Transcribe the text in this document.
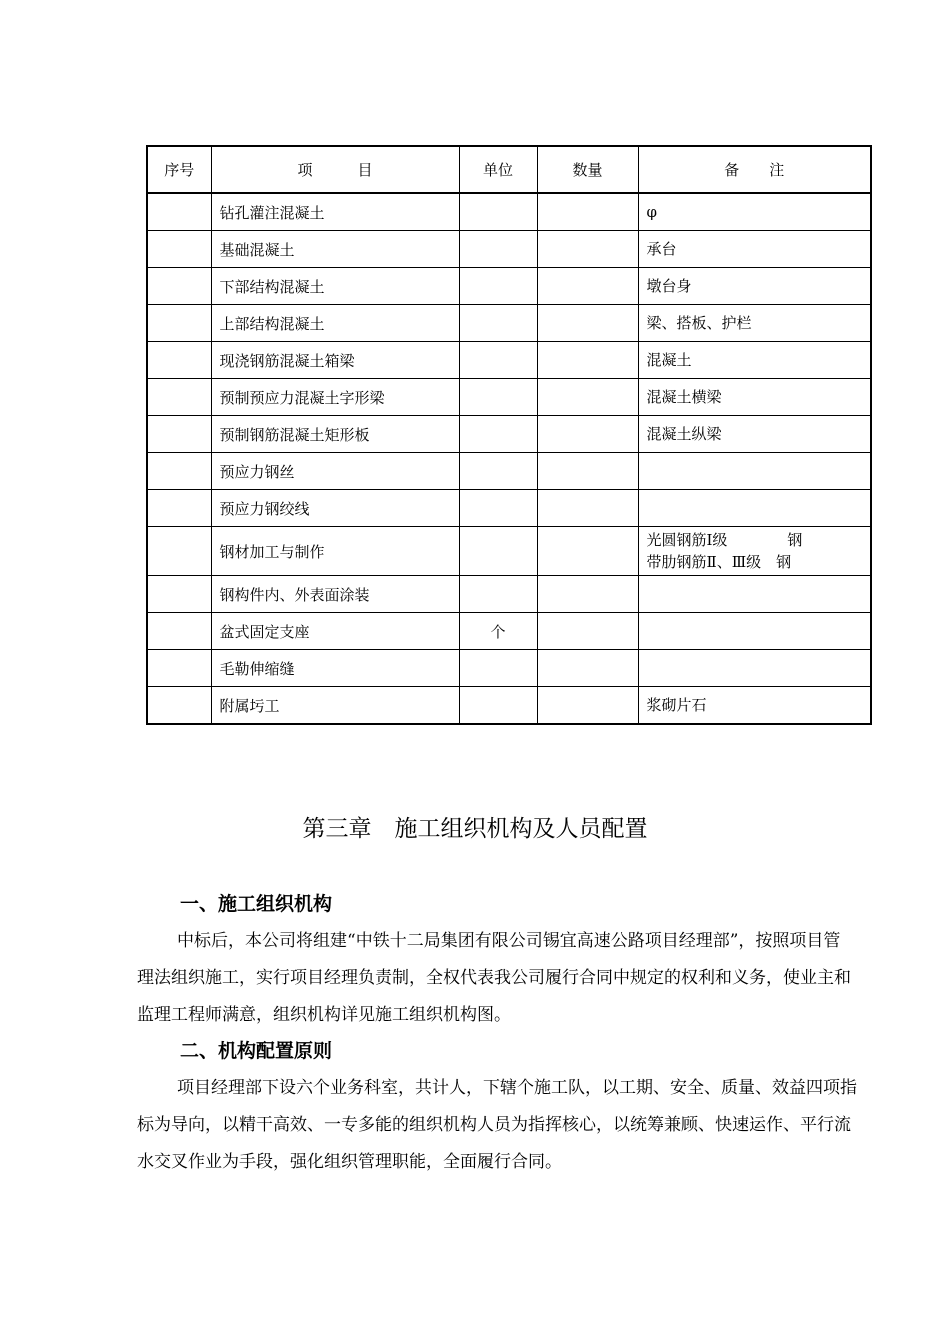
序号	项　　　目	单位	数量	备　　注
	钻孔灌注混凝土			φ

	基础混凝土			承台

	下部结构混凝土			墩台身

	上部结构混凝土			梁、搭板、护栏

	现浇钢筋混凝土箱梁			混凝土

	预制预应力混凝土字形梁			混凝土横梁

	预制钢筋混凝土矩形板			混凝土纵梁

	预应力钢丝			

	预应力钢绞线			

	钢材加工与制作			光圆钢筋Ⅰ级　　　　钢
带肋钢筋Ⅱ、Ⅲ级　钢

	钢构件内、外表面涂装			

	盆式固定支座	个		

	毛勒伸缩缝			

	附属圬工			浆砌片石
第三章　施工组织机构及人员配置
一、施工组织机构
中标后，本公司将组建“中铁十二局集团有限公司锡宜高速公路项目经理部”，按照项目管理法组织施工，实行项目经理负责制，全权代表我公司履行合同中规定的权利和义务，使业主和监理工程师满意，组织机构详见施工组织机构图。
二、机构配置原则
项目经理部下设六个业务科室，共计人，下辖个施工队，以工期、安全、质量、效益四项指标为导向，以精干高效、一专多能的组织机构人员为指挥核心，以统筹兼顾、快速运作、平行流水交叉作业为手段，强化组织管理职能，全面履行合同。
